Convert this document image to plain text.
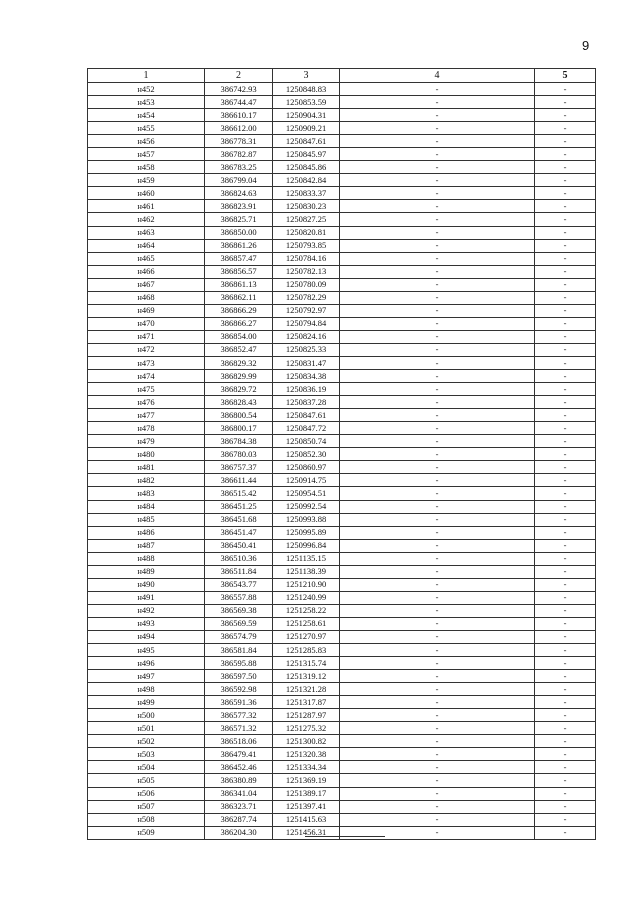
9
1	2	3	4	5
н452	386742.93	1250848.83	-	-
н453	386744.47	1250853.59	-	-
н454	386610.17	1250904.31	-	-
н455	386612.00	1250909.21	-	-
н456	386778.31	1250847.61	-	-
н457	386782.87	1250845.97	-	-
н458	386783.25	1250845.86	-	-
н459	386799.04	1250842.84	-	-
н460	386824.63	1250833.37	-	-
н461	386823.91	1250830.23	-	-
н462	386825.71	1250827.25	-	-
н463	386850.00	1250820.81	-	-
н464	386861.26	1250793.85	-	-
н465	386857.47	1250784.16	-	-
н466	386856.57	1250782.13	-	-
н467	386861.13	1250780.09	-	-
н468	386862.11	1250782.29	-	-
н469	386866.29	1250792.97	-	-
н470	386866.27	1250794.84	-	-
н471	386854.00	1250824.16	-	-
н472	386852.47	1250825.33	-	-
н473	386829.32	1250831.47	-	-
н474	386829.99	1250834.38	-	-
н475	386829.72	1250836.19	-	-
н476	386828.43	1250837.28	-	-
н477	386800.54	1250847.61	-	-
н478	386800.17	1250847.72	-	-
н479	386784.38	1250850.74	-	-
н480	386780.03	1250852.30	-	-
н481	386757.37	1250860.97	-	-
н482	386611.44	1250914.75	-	-
н483	386515.42	1250954.51	-	-
н484	386451.25	1250992.54	-	-
н485	386451.68	1250993.88	-	-
н486	386451.47	1250995.89	-	-
н487	386450.41	1250996.84	-	-
н488	386510.36	1251135.15	-	-
н489	386511.84	1251138.39	-	-
н490	386543.77	1251210.90	-	-
н491	386557.88	1251240.99	-	-
н492	386569.38	1251258.22	-	-
н493	386569.59	1251258.61	-	-
н494	386574.79	1251270.97	-	-
н495	386581.84	1251285.83	-	-
н496	386595.88	1251315.74	-	-
н497	386597.50	1251319.12	-	-
н498	386592.98	1251321.28	-	-
н499	386591.36	1251317.87	-	-
н500	386577.32	1251287.97	-	-
н501	386571.32	1251275.32	-	-
н502	386518.06	1251300.82	-	-
н503	386479.41	1251320.38	-	-
н504	386452.46	1251334.34	-	-
н505	386380.89	1251369.19	-	-
н506	386341.04	1251389.17	-	-
н507	386323.71	1251397.41	-	-
н508	386287.74	1251415.63	-	-
н509	386204.30	1251456.31	-	-
